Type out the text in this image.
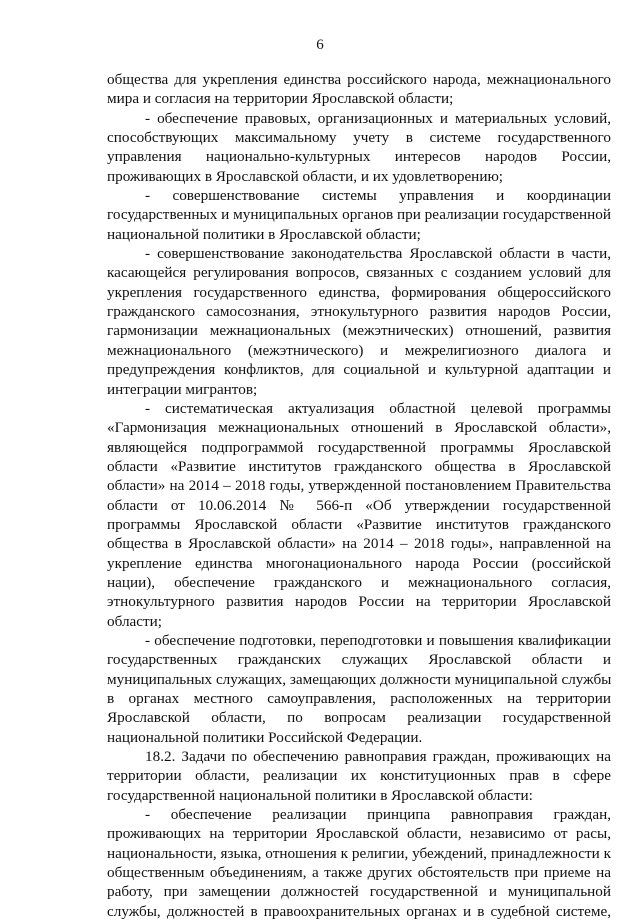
6
общества для укрепления единства российского народа, межнационального
мира и согласия на территории Ярославской области;
- обеспечение правовых, организационных и материальных условий,
способствующих максимальному учету в системе государственного
управления национально-культурных интересов народов России,
проживающих в Ярославской области, и их удовлетворению;
- совершенствование системы управления и координации
государственных и муниципальных органов при реализации государственной
национальной политики в Ярославской области;
- совершенствование законодательства Ярославской области в части,
касающейся регулирования вопросов, связанных с созданием условий для
укрепления государственного единства, формирования общероссийского
гражданского самосознания, этнокультурного развития народов России,
гармонизации межнациональных (межэтнических) отношений, развития
межнационального (межэтнического) и межрелигиозного диалога и
предупреждения конфликтов, для социальной и культурной адаптации и
интеграции мигрантов;
- систематическая актуализация областной целевой программы
«Гармонизация межнациональных отношений в Ярославской области»,
являющейся подпрограммой государственной программы Ярославской
области «Развитие институтов гражданского общества в Ярославской
области» на 2014 – 2018 годы, утвержденной постановлением Правительства
области от 10.06.2014 № 566-п «Об утверждении государственной
программы Ярославской области «Развитие институтов гражданского
общества в Ярославской области» на 2014 – 2018 годы», направленной на
укрепление единства многонационального народа России (российской
нации), обеспечение гражданского и межнационального согласия,
этнокультурного развития народов России на территории Ярославской
области;
- обеспечение подготовки, переподготовки и повышения квалификации
государственных гражданских служащих Ярославской области и
муниципальных служащих, замещающих должности муниципальной службы
в органах местного самоуправления, расположенных на территории
Ярославской области, по вопросам реализации государственной
национальной политики Российской Федерации.
18.2. Задачи по обеспечению равноправия граждан, проживающих на
территории области, реализации их конституционных прав в сфере
государственной национальной политики в Ярославской области:
- обеспечение реализации принципа равноправия граждан,
проживающих на территории Ярославской области, независимо от расы,
национальности, языка, отношения к религии, убеждений, принадлежности к
общественным объединениям, а также других обстоятельств при приеме на
работу, при замещении должностей государственной и муниципальной
службы, должностей в правоохранительных органах и в судебной системе,
